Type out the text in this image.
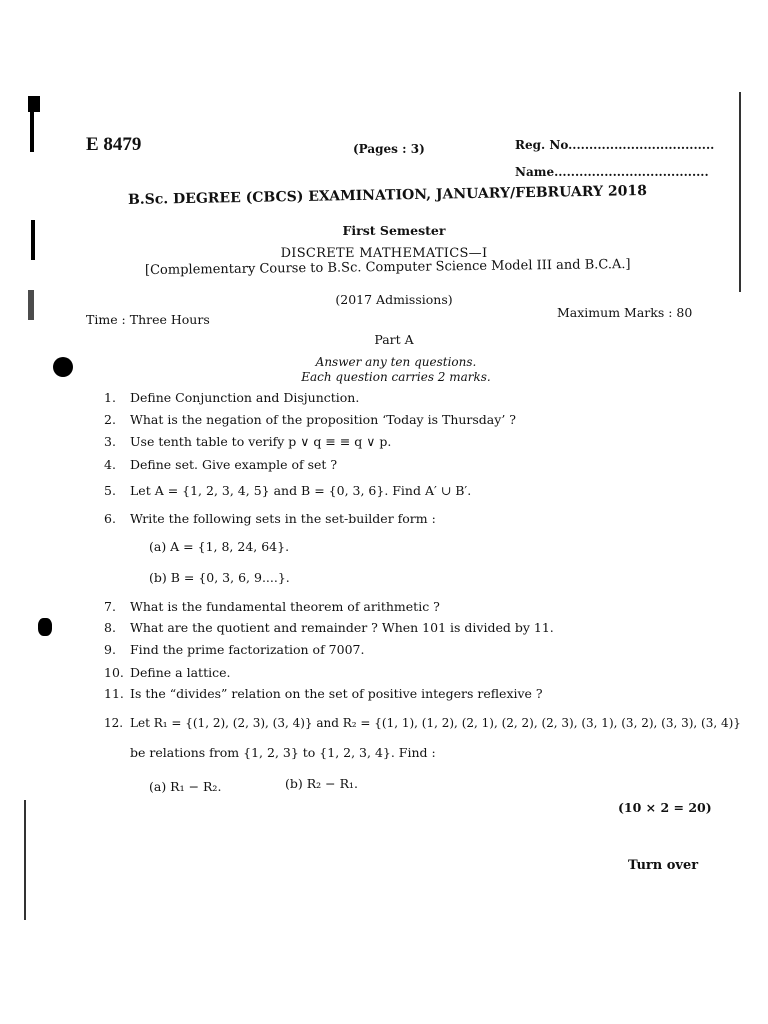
E 8479	(Pages : 3)	Reg. No...................................
Name.....................................
B.Sc. DEGREE (CBCS) EXAMINATION, JANUARY/FEBRUARY 2018
First Semester
DISCRETE MATHEMATICS—I
[Complementary Course to B.Sc. Computer Science Model III and B.C.A.]
(2017 Admissions)
Time : Three Hours	Maximum Marks : 80
Part A
Answer any ten questions.
Each question carries 2 marks.
1. Define Conjunction and Disjunction.
2. What is the negation of the proposition ‘Today is Thursday’ ?
3. Use tenth table to verify p ∨ q ≡ ≡ q ∨ p.
4. Define set. Give example of set ?
5. Let A = {1, 2, 3, 4, 5} and B = {0, 3, 6}. Find A′ ∪ B′.
6. Write the following sets in the set-builder form :
(a) A = {1, 8, 24, 64}.
(b) B = {0, 3, 6, 9....}.
7. What is the fundamental theorem of arithmetic ?
8. What are the quotient and remainder ? When 101 is divided by 11.
9. Find the prime factorization of 7007.
10. Define a lattice.
11. Is the “divides” relation on the set of positive integers reflexive ?
12. Let R₁ = {(1, 2), (2, 3), (3, 4)} and R₂ = {(1, 1), (1, 2), (2, 1), (2, 2), (2, 3), (3, 1), (3, 2), (3, 3), (3, 4)}
be relations from {1, 2, 3} to {1, 2, 3, 4}. Find :
(a) R₁ − R₂.	(b) R₂ − R₁.
(10 × 2 = 20)
Turn over
